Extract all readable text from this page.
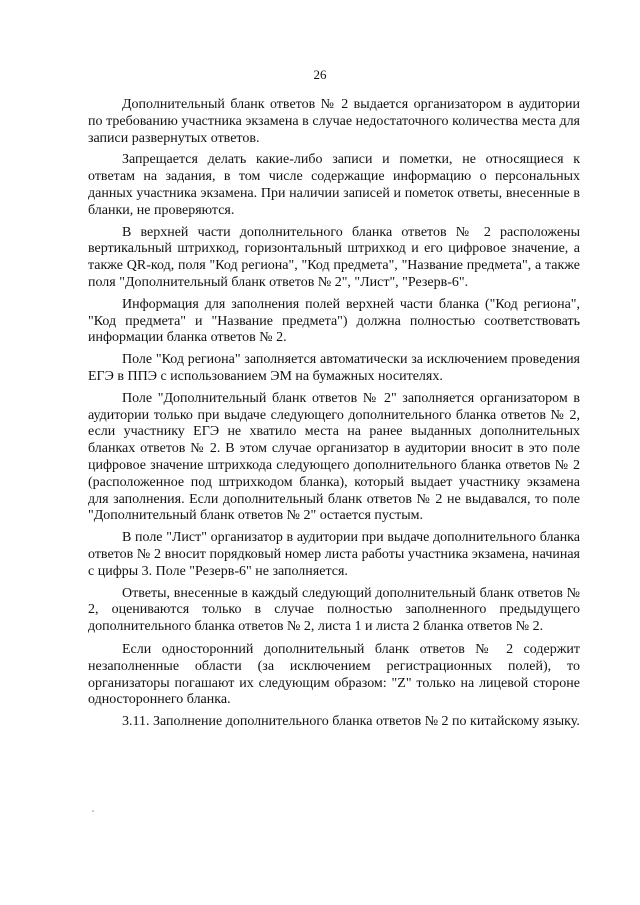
26

Дополнительный бланк ответов № 2 выдается организатором в аудитории по требованию участника экзамена в случае недостаточного количества места для записи развернутых ответов.

Запрещается делать какие-либо записи и пометки, не относящиеся к ответам на задания, в том числе содержащие информацию о персональных данных участника экзамена. При наличии записей и пометок ответы, внесенные в бланки, не проверяются.

В верхней части дополнительного бланка ответов № 2 расположены вертикальный штрихкод, горизонтальный штрихкод и его цифровое значение, а также QR-код, поля "Код региона", "Код предмета", "Название предмета", а также поля "Дополнительный бланк ответов № 2", "Лист", "Резерв-6".

Информация для заполнения полей верхней части бланка ("Код региона", "Код предмета" и "Название предмета") должна полностью соответствовать информации бланка ответов № 2.

Поле "Код региона" заполняется автоматически за исключением проведения ЕГЭ в ППЭ с использованием ЭМ на бумажных носителях.

Поле "Дополнительный бланк ответов № 2" заполняется организатором в аудитории только при выдаче следующего дополнительного бланка ответов № 2, если участнику ЕГЭ не хватило места на ранее выданных дополнительных бланках ответов № 2. В этом случае организатор в аудитории вносит в это поле цифровое значение штрихкода следующего дополнительного бланка ответов № 2 (расположенное под штрихкодом бланка), который выдает участнику экзамена для заполнения. Если дополнительный бланк ответов № 2 не выдавался, то поле "Дополнительный бланк ответов № 2" остается пустым.

В поле "Лист" организатор в аудитории при выдаче дополнительного бланка ответов № 2 вносит порядковый номер листа работы участника экзамена, начиная с цифры 3. Поле "Резерв-6" не заполняется.

Ответы, внесенные в каждый следующий дополнительный бланк ответов № 2, оцениваются только в случае полностью заполненного предыдущего дополнительного бланка ответов № 2, листа 1 и листа 2 бланка ответов № 2.

Если односторонний дополнительный бланк ответов № 2 содержит незаполненные области (за исключением регистрационных полей), то организаторы погашают их следующим образом: "Z" только на лицевой стороне одностороннего бланка.

3.11. Заполнение дополнительного бланка ответов № 2 по китайскому языку.
